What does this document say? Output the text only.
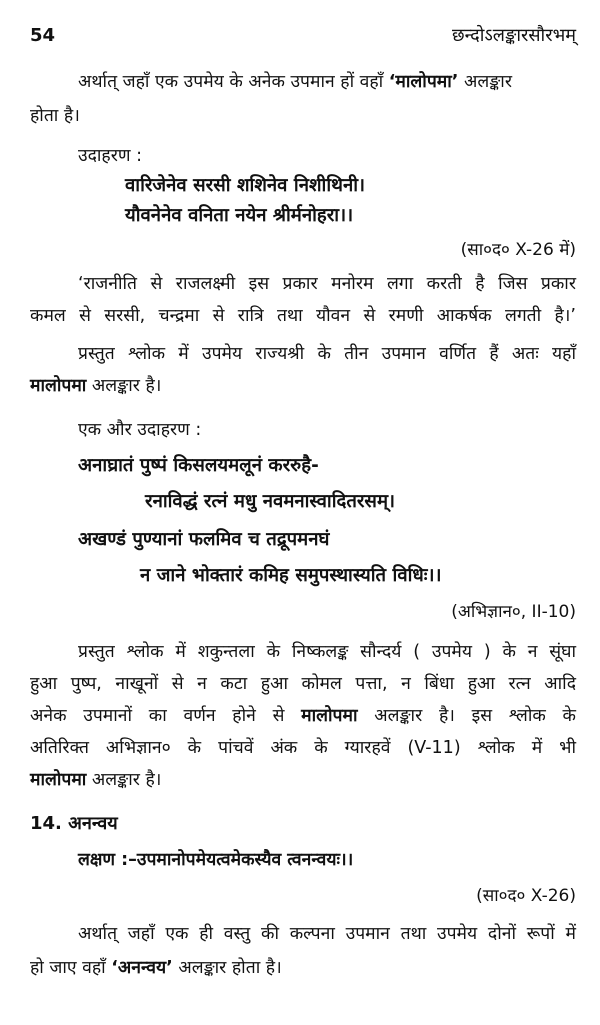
54	छन्दोऽलङ्कारसौरभम्
अर्थात् जहाँ एक उपमेय के अनेक उपमान हों वहाँ ‘मालोपमा’ अलङ्कार
होता है।
उदाहरण :
वारिजेनेव सरसी शशिनेव निशीथिनी।
यौवनेनेव वनिता नयेन श्रीर्मनोहरा।।
(सा०द० X-26 में)
‘राजनीति से राजलक्ष्मी इस प्रकार मनोरम लगा करती है जिस प्रकार
कमल से सरसी, चन्द्रमा से रात्रि तथा यौवन से रमणी आकर्षक लगती है।’
प्रस्तुत श्लोक में उपमेय राज्यश्री के तीन उपमान वर्णित हैं अतः यहाँ
मालोपमा अलङ्कार है।
एक और उदाहरण :
अनाघ्रातं पुष्पं किसलयमलूनं कररुहै-
रनाविद्धं रत्नं मधु नवमनास्वादितरसम्।
अखण्डं पुण्यानां फलमिव च तद्रूपमनघं
न जाने भोक्तारं कमिह समुपस्थास्यति विधिः।।
(अभिज्ञान०, II-10)
प्रस्तुत श्लोक में शकुन्तला के निष्कलङ्क सौन्दर्य ( उपमेय ) के न सूंघा
हुआ पुष्प, नाखूनों से न कटा हुआ कोमल पत्ता, न बिंधा हुआ रत्न आदि
अनेक उपमानों का वर्णन होने से मालोपमा अलङ्कार है। इस श्लोक के
अतिरिक्त अभिज्ञान० के पांचवें अंक के ग्यारहवें (V-11) श्लोक में भी
मालोपमा अलङ्कार है।
14. अनन्वय
लक्षण :–उपमानोपमेयत्वमेकस्यैव त्वनन्वयः।।
(सा०द० X-26)
अर्थात् जहाँ एक ही वस्तु की कल्पना उपमान तथा उपमेय दोनों रूपों में
हो जाए वहाँ ‘अनन्वय’ अलङ्कार होता है।
